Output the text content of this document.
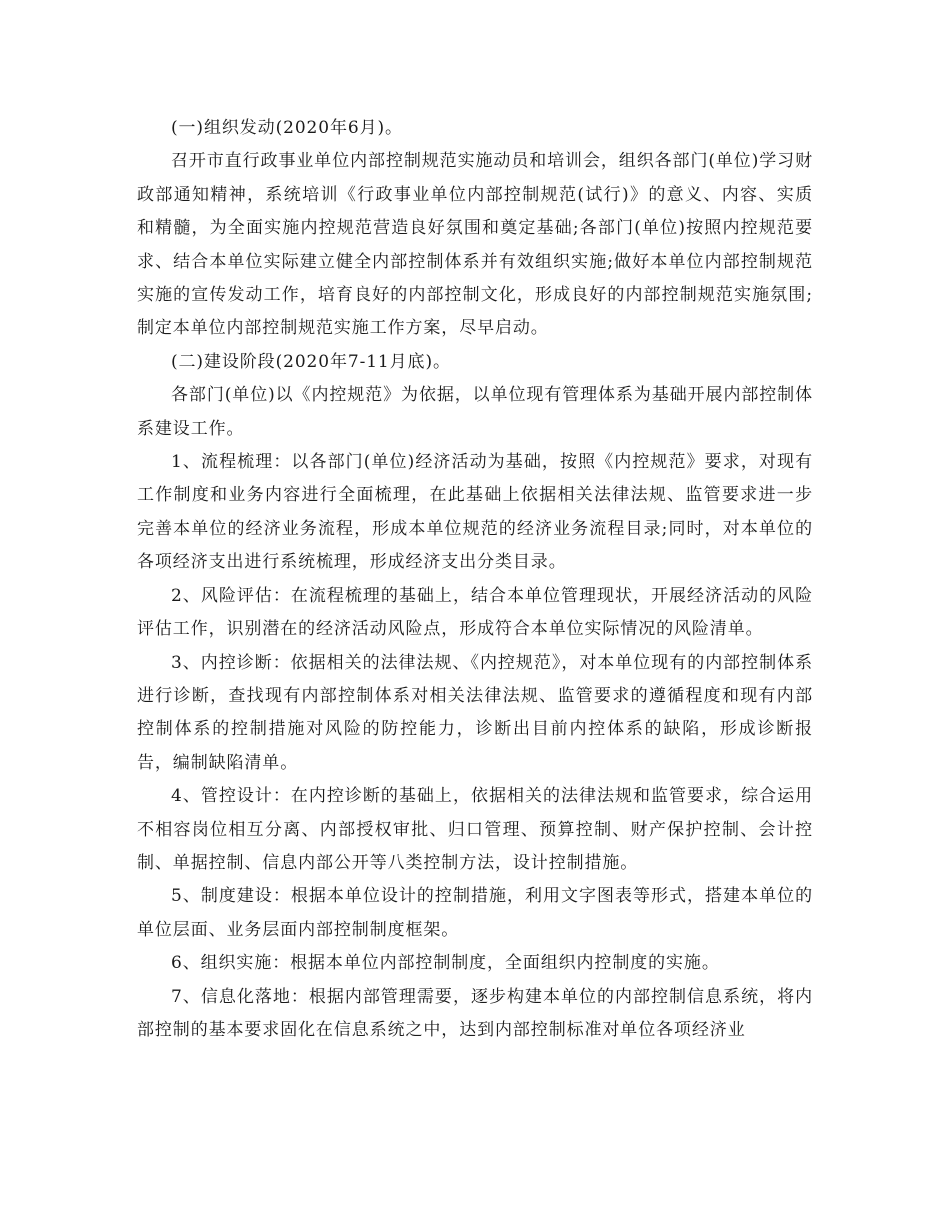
(一)组织发动(2020年6月)。

召开市直行政事业单位内部控制规范实施动员和培训会，组织各部门(单位)学习财政部通知精神，系统培训《行政事业单位内部控制规范(试行)》的意义、内容、实质和精髓，为全面实施内控规范营造良好氛围和奠定基础;各部门(单位)按照内控规范要求、结合本单位实际建立健全内部控制体系并有效组织实施;做好本单位内部控制规范实施的宣传发动工作，培育良好的内部控制文化，形成良好的内部控制规范实施氛围;制定本单位内部控制规范实施工作方案，尽早启动。

(二)建设阶段(2020年7-11月底)。

各部门(单位)以《内控规范》为依据，以单位现有管理体系为基础开展内部控制体系建设工作。

1、流程梳理：以各部门(单位)经济活动为基础，按照《内控规范》要求，对现有工作制度和业务内容进行全面梳理，在此基础上依据相关法律法规、监管要求进一步完善本单位的经济业务流程，形成本单位规范的经济业务流程目录;同时，对本单位的各项经济支出进行系统梳理，形成经济支出分类目录。

2、风险评估：在流程梳理的基础上，结合本单位管理现状，开展经济活动的风险评估工作，识别潜在的经济活动风险点，形成符合本单位实际情况的风险清单。

3、内控诊断：依据相关的法律法规、《内控规范》，对本单位现有的内部控制体系进行诊断，查找现有内部控制体系对相关法律法规、监管要求的遵循程度和现有内部控制体系的控制措施对风险的防控能力，诊断出目前内控体系的缺陷，形成诊断报告，编制缺陷清单。

4、管控设计：在内控诊断的基础上，依据相关的法律法规和监管要求，综合运用不相容岗位相互分离、内部授权审批、归口管理、预算控制、财产保护控制、会计控制、单据控制、信息内部公开等八类控制方法，设计控制措施。

5、制度建设：根据本单位设计的控制措施，利用文字图表等形式，搭建本单位的单位层面、业务层面内部控制制度框架。

6、组织实施：根据本单位内部控制制度，全面组织内控制度的实施。

7、信息化落地：根据内部管理需要，逐步构建本单位的内部控制信息系统，将内部控制的基本要求固化在信息系统之中，达到内部控制标准对单位各项经济业
